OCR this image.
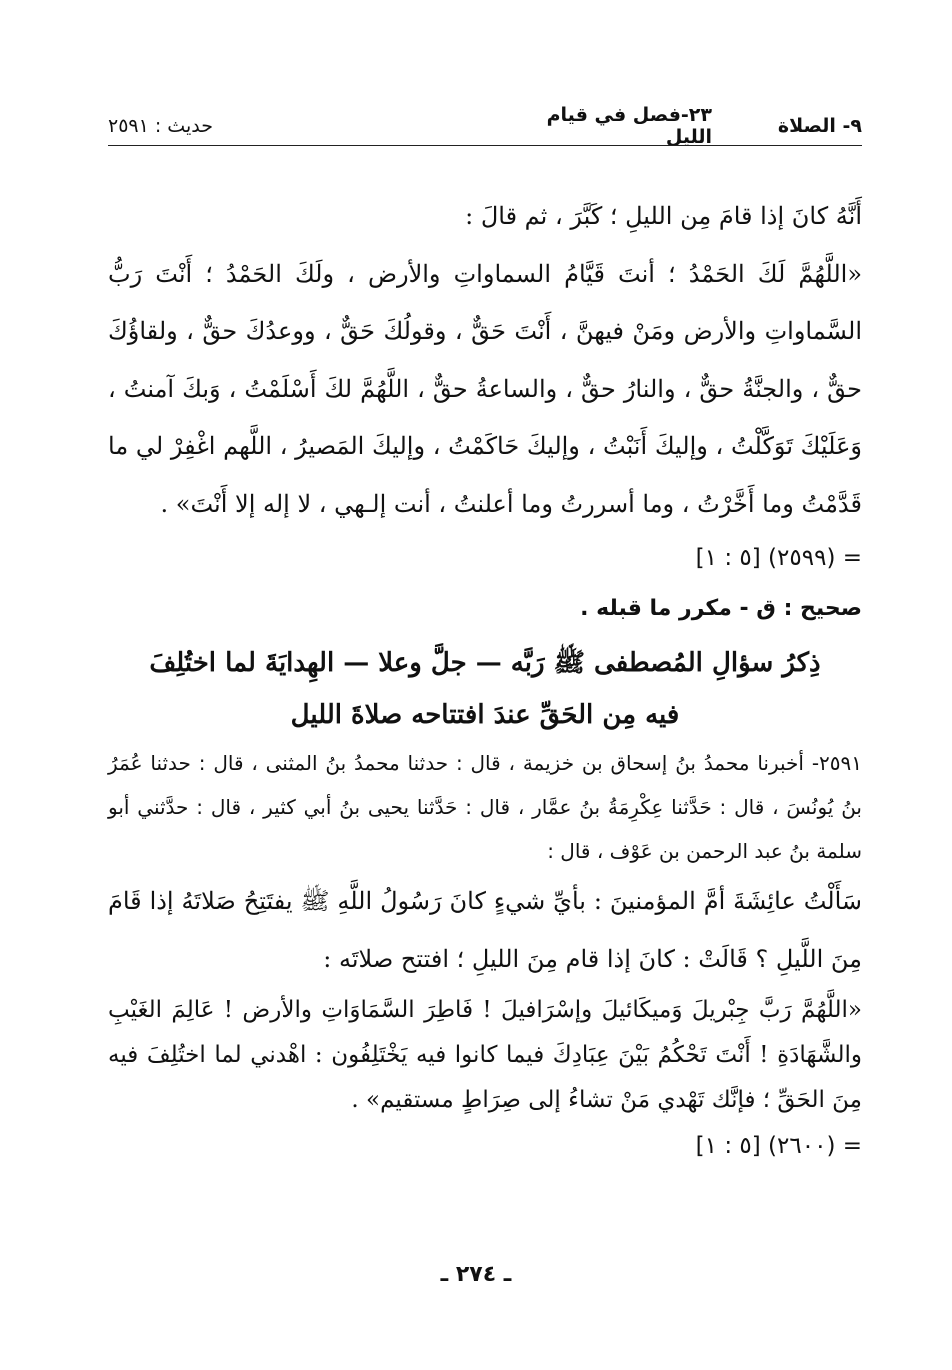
٩- الصلاة
٢٣-فصل في قيام الليل
حديث : ٢٥٩١

أَنَّهُ كانَ إذا قامَ مِن الليلِ ؛ كَبَّرَ ، ثم قالَ :

«اللَّهُمَّ لَكَ الحَمْدُ ؛ أنتَ قَيَّامُ السماواتِ والأرض ، ولَكَ الحَمْدُ ؛ أَنْتَ رَبُّ السَّماواتِ والأرض ومَنْ فيهنَّ ، أَنْتَ حَقٌّ ، وقولُكَ حَقٌّ ، ووعدُكَ حقٌّ ، ولقاؤُكَ حقٌّ ، والجنَّةُ حقٌّ ، والنارُ حقٌّ ، والساعةُ حقٌّ ، اللَّهُمَّ لكَ أَسْلَمْتُ ، وَبكَ آمنتُ ، وَعَلَيْكَ تَوَكَّلْتُ ، وإليكَ أَنَبْتُ ، وإليكَ حَاكَمْتُ ، وإليكَ المَصيرُ ، اللَّهم اغْفِرْ لي ما قَدَّمْتُ وما أَخَّرْتُ ، وما أسررتُ وما أعلنتُ ، أنت إلـهي ، لا إله إلا أَنْتَ» .

= (٢٥٩٩) [٥ : ١]

صحيح : ق - مكرر ما قبله .

ذِكرُ سؤالِ المُصطفى ﷺ رَبَّه — جلَّ وعلا — الهِدايَةَ لما اختُلِفَ فيه مِن الحَقِّ عندَ افتتاحه صلاةَ الليل

٢٥٩١- أخبرنا محمدُ بنُ إسحاق بن خزيمة ، قال : حدثنا محمدُ بنُ المثنى ، قال : حدثنا عُمَرُ بنُ يُونُسَ ، قال : حَدَّثنا عِكْرِمَةُ بنُ عمَّار ، قال : حَدَّثنا يحيى بنُ أبي كثير ، قال : حدَّثني أبو سلمة بنُ عبد الرحمن بن عَوْف ، قال :

سَأَلْتُ عائِشَةَ أمَّ المؤمنينَ : بأيِّ شيءٍ كانَ رَسُولُ اللَّهِ ﷺ يفتَتِحُ صَلاتَهُ إذا قَامَ مِنَ اللَّيلِ ؟ قَالَتْ : كانَ إذا قام مِنَ الليلِ ؛ افتتح صلاتَه :

«اللَّهُمَّ رَبَّ جِبْريلَ وَميكَائيلَ وإسْرَافيلَ ! فَاطِرَ السَّمَاوَاتِ والأرض ! عَالِمَ الغَيْبِ والشَّهَادَةِ ! أَنْتَ تَحْكُمُ بَيْنَ عِبَادِكَ فيما كانوا فيه يَخْتَلِفُون : اهْدني لما اختُلِفَ فيه مِنَ الحَقِّ ؛ فإنَّك تَهْدي مَنْ تشاءُ إلى صِرَاطٍ مستقيم» .

= (٢٦٠٠) [٥ : ١]

ـ ٢٧٤ ـ
